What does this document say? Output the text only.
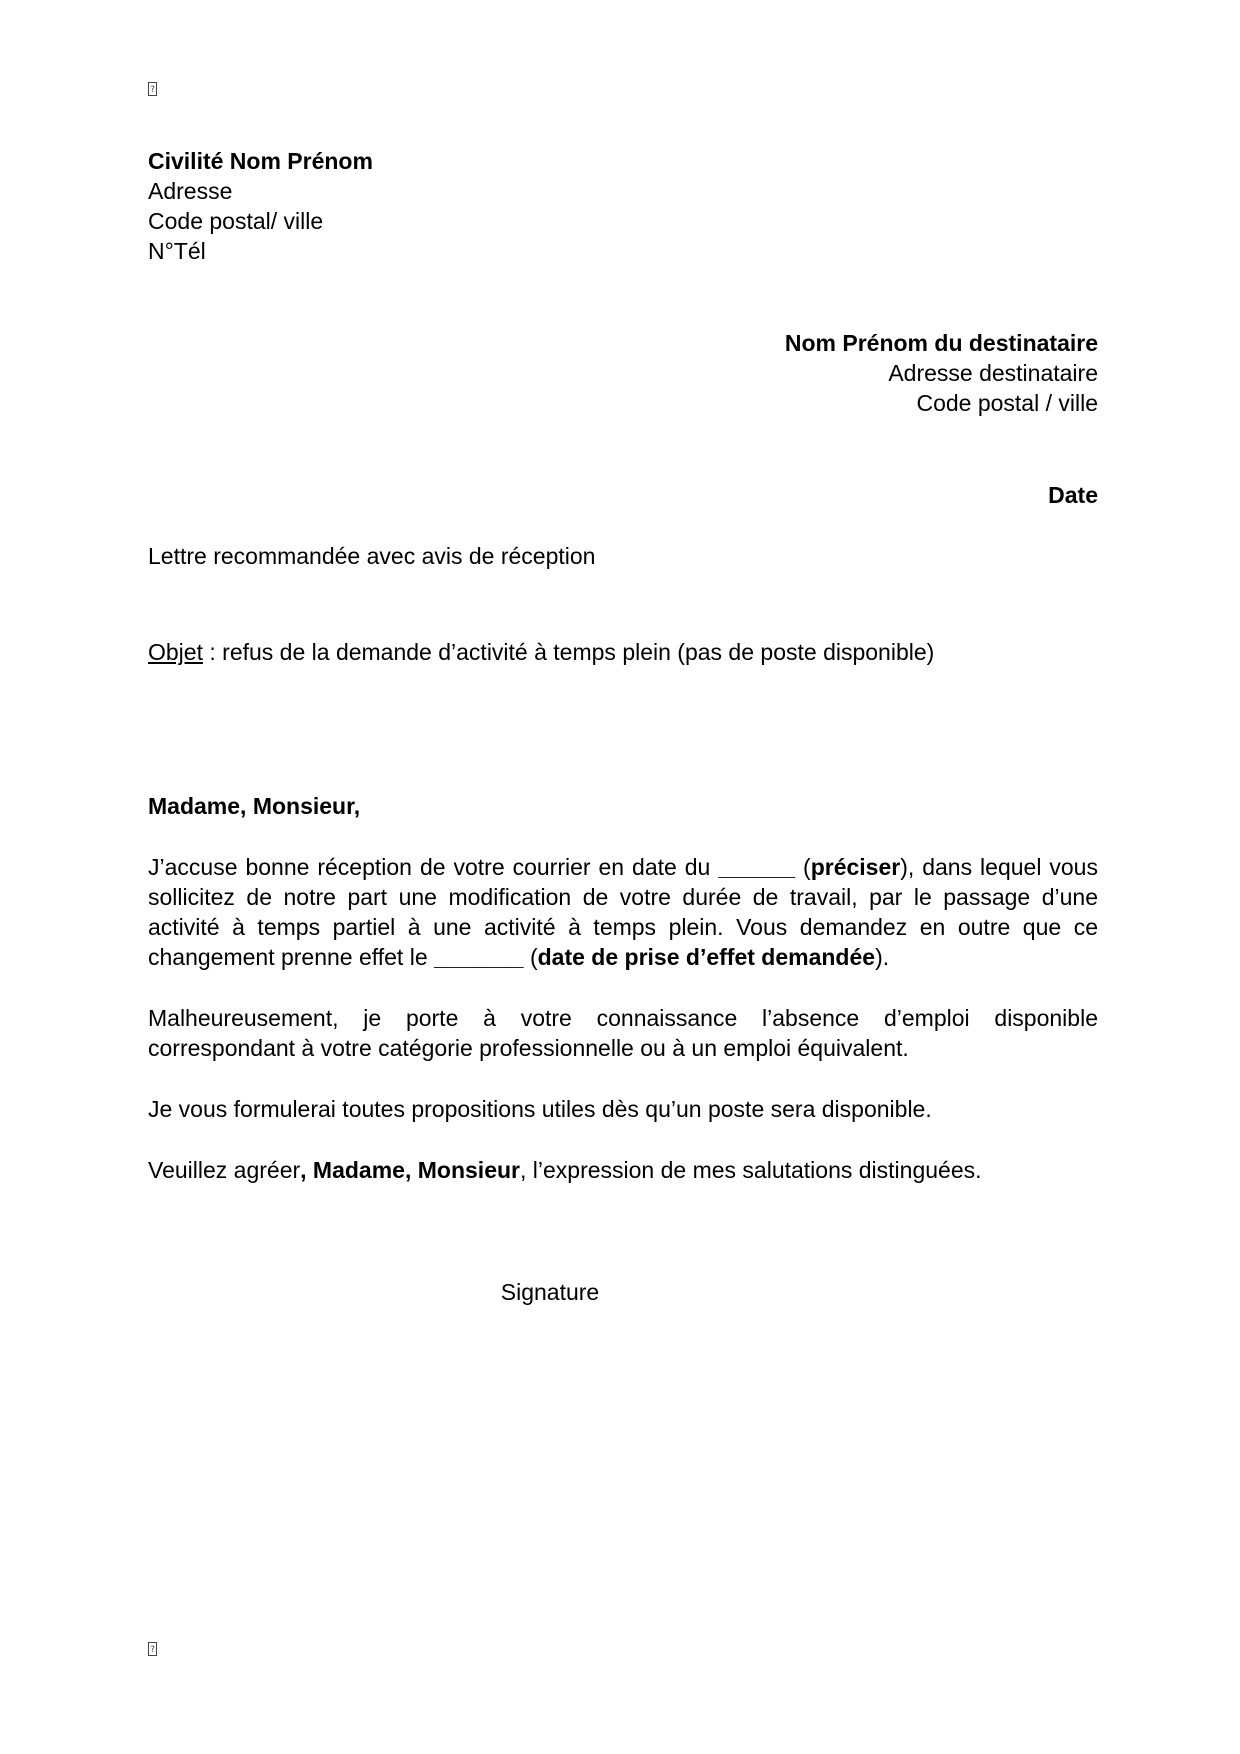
?
Civilité Nom Prénom
Adresse
Code postal/ ville
N°Tél
Nom Prénom du destinataire
Adresse destinataire
Code postal / ville
Date
Lettre recommandée avec avis de réception
Objet : refus de la demande d’activité à temps plein (pas de poste disponible)
Madame, Monsieur,
J’accuse bonne réception de votre courrier en date du ______ (préciser), dans lequel vous
sollicitez de notre part une modification de votre durée de travail, par le passage d’une
activité à temps partiel à une activité à temps plein. Vous demandez en outre que ce
changement prenne effet le _______ (date de prise d’effet demandée).
Malheureusement, je porte à votre connaissance l’absence d’emploi disponible
correspondant à votre catégorie professionnelle ou à un emploi équivalent.
Je vous formulerai toutes propositions utiles dès qu’un poste sera disponible.
Veuillez agréer, Madame, Monsieur, l’expression de mes salutations distinguées.
Signature
?
